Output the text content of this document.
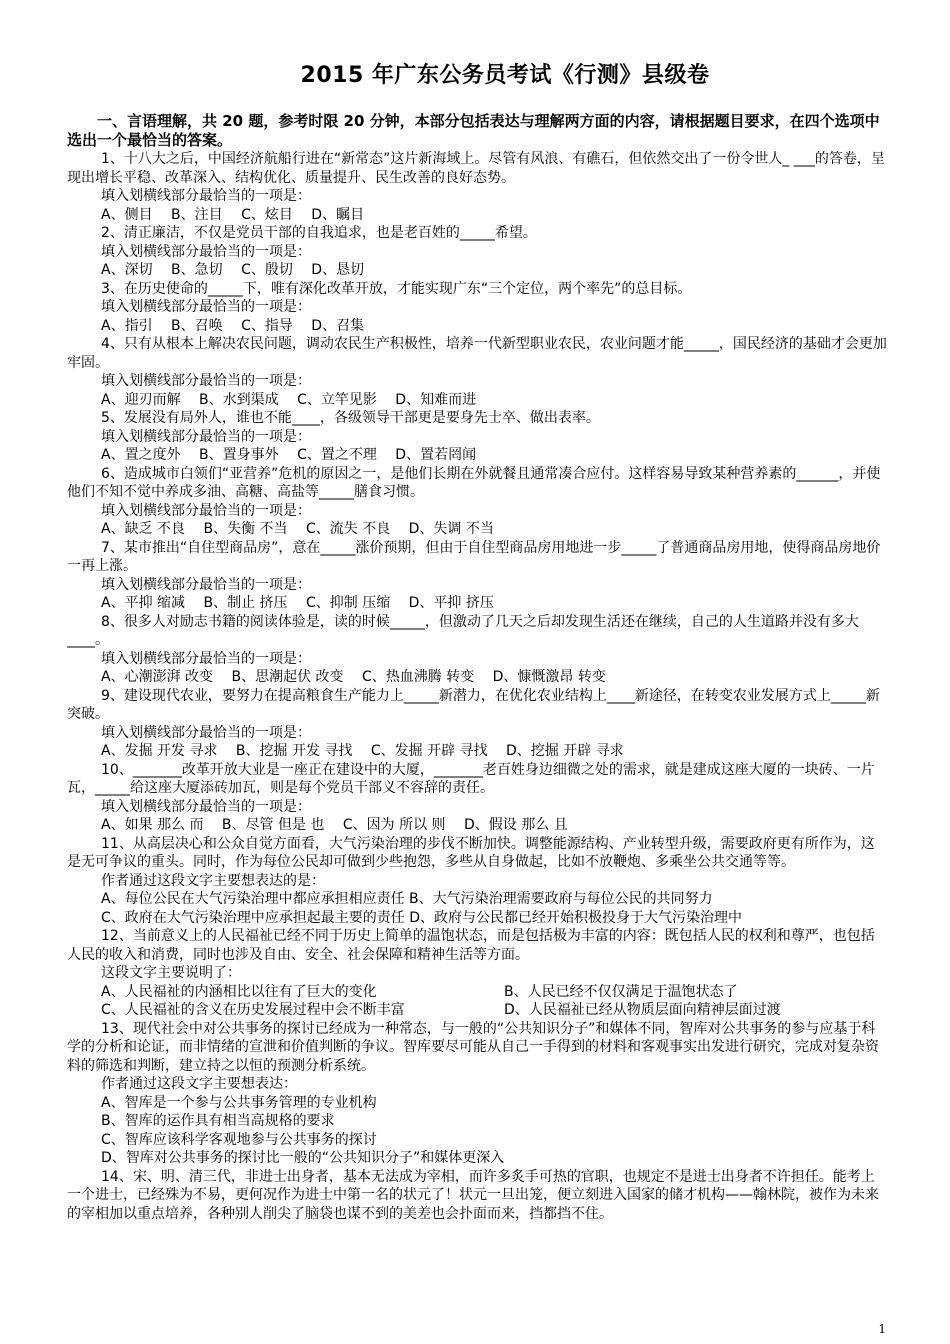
2015 年广东公务员考试《行测》县级卷

一、言语理解，共 20 题，参考时限 20 分钟，本部分包括表达与理解两方面的内容，请根据题目要求，在四个选项中选出一个最恰当的答案。

1、十八大之后，中国经济航船行进在“新常态”这片新海域上。尽管有风浪、有礁石，但依然交出了一份令世人_ ___的答卷，呈现出增长平稳、改革深入、结构优化、质量提升、民生改善的良好态势。

填入划横线部分最恰当的一项是：

A、侧目 　B、注目 　C、炫目 　D、瞩目

2、清正廉洁，不仅是党员干部的自我追求，也是老百姓的_____希望。

填入划横线部分最恰当的一项是：

A、深切 　B、急切 　C、殷切 　D、恳切

3、在历史使命的_____下，唯有深化改革开放，才能实现广东“三个定位，两个率先”的总目标。

填入划横线部分最恰当的一项是：

A、指引 　B、召唤 　C、指导 　D、召集

4、只有从根本上解决农民问题，调动农民生产积极性，培养一代新型职业农民，农业问题才能_____，国民经济的基础才会更加牢固。

填入划横线部分最恰当的一项是：

A、迎刃而解 　B、水到渠成 　C、立竿见影 　D、知难而进

5、发展没有局外人，谁也不能____，各级领导干部更是要身先士卒、做出表率。

填入划横线部分最恰当的一项是：

A、置之度外 　B、置身事外 　C、置之不理 　D、置若罔闻

6、造成城市白领们“亚营养”危机的原因之一，是他们长期在外就餐且通常凑合应付。这样容易导致某种营养素的______，并使他们不知不觉中养成多油、高糖、高盐等_____膳食习惯。

填入划横线部分最恰当的一项是：

A、缺乏 不良 　B、失衡 不当 　C、流失 不良 　D、失调 不当

7、某市推出“自住型商品房”，意在_____涨价预期，但由于自住型商品房用地进一步_____了普通商品房用地，使得商品房地价一再上涨。

填入划横线部分最恰当的一项是：

A、平抑 缩减 　B、制止 挤压 　C、抑制 压缩 　D、平抑 挤压

8、很多人对励志书籍的阅读体验是，读的时候_____，但激动了几天之后却发现生活还在继续，自己的人生道路并没有多大____。

填入划横线部分最恰当的一项是：

A、心潮澎湃 改变 　B、思潮起伏 改变 　C、热血沸腾 转变 　D、慷慨激昂 转变

9、建设现代农业，要努力在提高粮食生产能力上_____新潜力，在优化农业结构上____新途径，在转变农业发展方式上_____新突破。

填入划横线部分最恰当的一项是：

A、发掘 开发 寻求 　B、挖掘 开发 寻找 　C、发掘 开辟 寻找 　D、挖掘 开辟 寻求

10、_______改革开放大业是一座正在建设中的大厦，_______老百姓身边细微之处的需求，就是建成这座大厦的一块砖、一片瓦，_____给这座大厦添砖加瓦，则是每个党员干部义不容辞的责任。

填入划横线部分最恰当的一项是：

A、如果 那么 而 　B、尽管 但是 也 　C、因为 所以 则 　D、假设 那么 且

11、从高层决心和公众自觉方面看，大气污染治理的步伐不断加快。调整能源结构、产业转型升级，需要政府更有所作为，这是无可争议的重头。同时，作为每位公民却可做到少些抱怨，多些从自身做起，比如不放鞭炮、多乘坐公共交通等等。

作者通过这段文字主要想表达的是：

A、每位公民在大气污染治理中都应承担相应责任 B、大气污染治理需要政府与每位公民的共同努力

C、政府在大气污染治理中应承担起最主要的责任 D、政府与公民都已经开始积极投身于大气污染治理中

12、当前意义上的人民福祉已经不同于历史上简单的温饱状态，而是包括极为丰富的内容：既包括人民的权利和尊严，也包括人民的收入和消费，同时也涉及自由、安全、社会保障和精神生活等方面。

这段文字主要说明了：

A、人民福祉的内涵相比以往有了巨大的变化	B、人民已经不仅仅满足于温饱状态了

C、人民福祉的含义在历史发展过程中会不断丰富	D、人民福祉已经从物质层面向精神层面过渡

13、现代社会中对公共事务的探讨已经成为一种常态，与一般的“公共知识分子”和媒体不同，智库对公共事务的参与应基于科学的分析和论证，而非情绪的宣泄和价值判断的争议。智库要尽可能从自己一手得到的材料和客观事实出发进行研究，完成对复杂资料的筛选和判断，建立持之以恒的预测分析系统。

作者通过这段文字主要想表达：

A、智库是一个参与公共事务管理的专业机构

B、智库的运作具有相当高规格的要求

C、智库应该科学客观地参与公共事务的探讨

D、智库对公共事务的探讨比一般的“公共知识分子”和媒体更深入

14、宋、明、清三代，非进士出身者，基本无法成为宰相，而许多炙手可热的官职，也规定不是进士出身者不许担任。能考上一个进士，已经殊为不易，更何况作为进士中第一名的状元了！状元一旦出笼，便立刻进入国家的储才机构——翰林院，被作为未来的宰相加以重点培养，各种别人削尖了脑袋也谋不到的美差也会扑面而来，挡都挡不住。

1
